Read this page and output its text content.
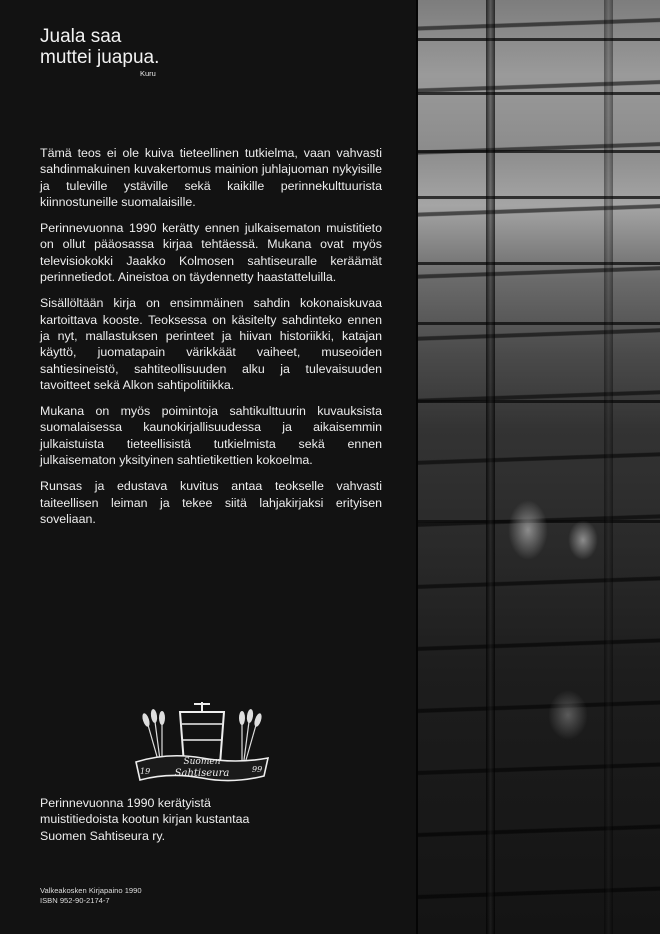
Juala saa
muttei juapua.
Kuru

Tämä teos ei ole kuiva tieteellinen tutkielma, vaan vahvasti sahdinmakuinen kuvakertomus mainion juhlajuoman nykyisille ja tuleville ystäville sekä kaikille perinnekulttuurista kiinnostuneille suomalaisille.

Perinnevuonna 1990 kerätty ennen julkaisematon muistitieto on ollut pääosassa kirjaa tehtäessä. Mukana ovat myös televisiokokki Jaakko Kolmosen sahtiseuralle keräämät perinnetiedot. Aineistoa on täydennetty haastatteluilla.

Sisällöltään kirja on ensimmäinen sahdin kokonaiskuvaa kartoittava kooste. Teoksessa on käsitelty sahdinteko ennen ja nyt, mallastuksen perinteet ja hiivan historiikki, katajan käyttö, juomatapain värikkäät vaiheet, museoiden sahtiesineistö, sahtiteollisuuden alku ja tulevaisuuden tavoitteet sekä Alkon sahtipolitiikka.

Mukana on myös poimintoja sahtikulttuurin kuvauksista suomalaisessa kaunokirjallisuudessa ja aikaisemmin julkaistuista tieteellisistä tutkielmista sekä ennen julkaisematon yksityinen sahtietikettien kokoelma.

Runsas ja edustava kuvitus antaa teokselle vahvasti taiteellisen leiman ja tekee siitä lahjakirjaksi erityisen soveliaan.

19	99
Suomen
Sahtiseura

Perinnevuonna 1990 kerätyistä

muistitiedoista kootun kirjan kustantaa

Suomen Sahtiseura ry.

Valkeakosken Kirjapaino 1990
ISBN 952-90-2174-7
